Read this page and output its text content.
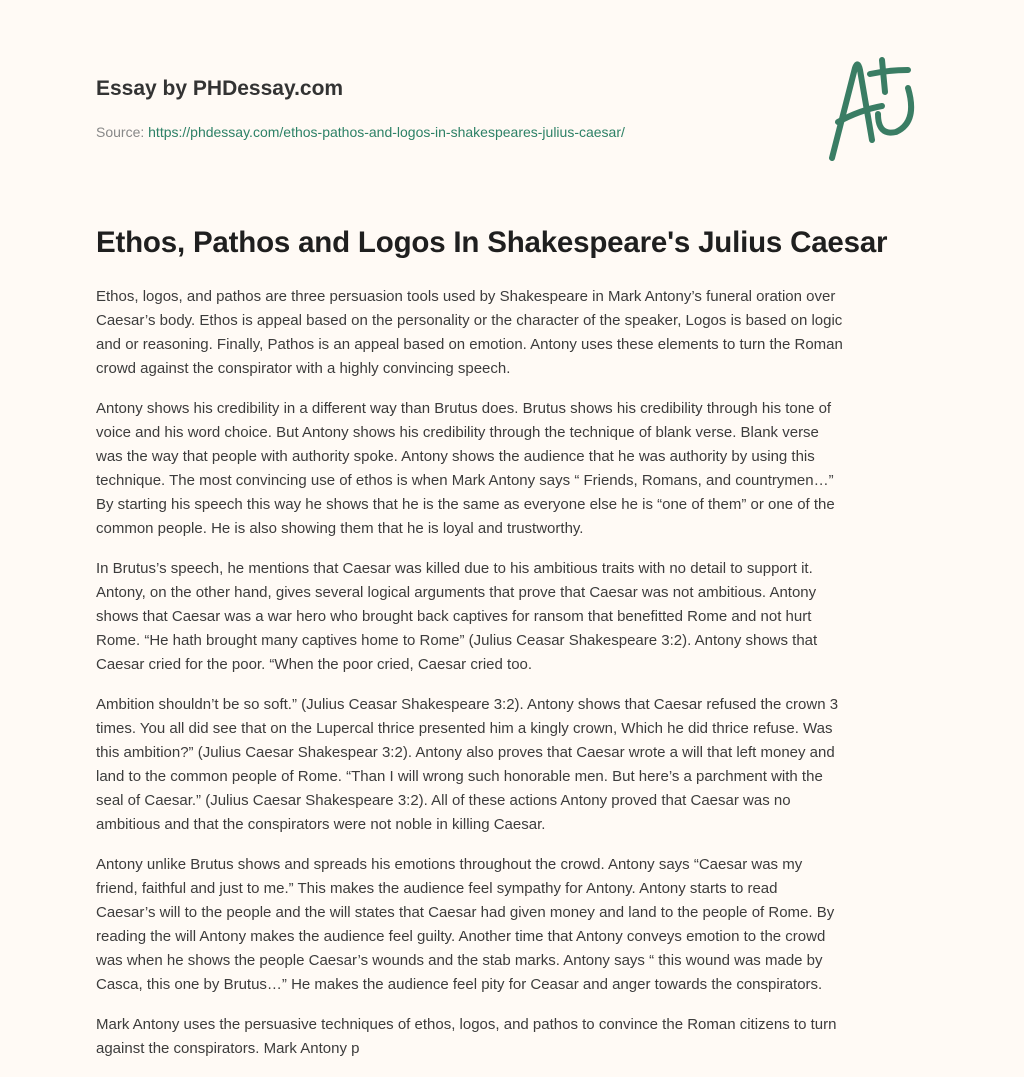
Essay by PHDessay.com
Source: https://phdessay.com/ethos-pathos-and-logos-in-shakespeares-julius-caesar/
Ethos, Pathos and Logos In Shakespeare's Julius Caesar

Ethos, logos, and pathos are three persuasion tools used by Shakespeare in Mark Antony’s funeral oration over
Caesar’s body. Ethos is appeal based on the personality or the character of the speaker, Logos is based on logic
and or reasoning. Finally, Pathos is an appeal based on emotion. Antony uses these elements to turn the Roman
crowd against the conspirator with a highly convincing speech.

Antony shows his credibility in a different way than Brutus does. Brutus shows his credibility through his tone of
voice and his word choice. But Antony shows his credibility through the technique of blank verse. Blank verse
was the way that people with authority spoke. Antony shows the audience that he was authority by using this
technique. The most convincing use of ethos is when Mark Antony says “ Friends, Romans, and countrymen…”
By starting his speech this way he shows that he is the same as everyone else he is “one of them” or one of the
common people. He is also showing them that he is loyal and trustworthy.

In Brutus’s speech, he mentions that Caesar was killed due to his ambitious traits with no detail to support it.
Antony, on the other hand, gives several logical arguments that prove that Caesar was not ambitious. Antony
shows that Caesar was a war hero who brought back captives for ransom that benefitted Rome and not hurt
Rome. “He hath brought many captives home to Rome” (Julius Ceasar Shakespeare 3:2). Antony shows that
Caesar cried for the poor. “When the poor cried, Caesar cried too.

Ambition shouldn’t be so soft.” (Julius Ceasar Shakespeare 3:2). Antony shows that Caesar refused the crown 3
times. You all did see that on the Lupercal thrice presented him a kingly crown, Which he did thrice refuse. Was
this ambition?” (Julius Caesar Shakespear 3:2). Antony also proves that Caesar wrote a will that left money and
land to the common people of Rome. “Than I will wrong such honorable men. But here’s a parchment with the
seal of Caesar.” (Julius Caesar Shakespeare 3:2). All of these actions Antony proved that Caesar was no
ambitious and that the conspirators were not noble in killing Caesar.

Antony unlike Brutus shows and spreads his emotions throughout the crowd. Antony says “Caesar was my
friend, faithful and just to me.” This makes the audience feel sympathy for Antony. Antony starts to read
Caesar’s will to the people and the will states that Caesar had given money and land to the people of Rome. By
reading the will Antony makes the audience feel guilty. Another time that Antony conveys emotion to the crowd
was when he shows the people Caesar’s wounds and the stab marks. Antony says “ this wound was made by
Casca, this one by Brutus…” He makes the audience feel pity for Ceasar and anger towards the conspirators.

Mark Antony uses the persuasive techniques of ethos, logos, and pathos to convince the Roman citizens to turn
against the conspirators. Mark Antony p
